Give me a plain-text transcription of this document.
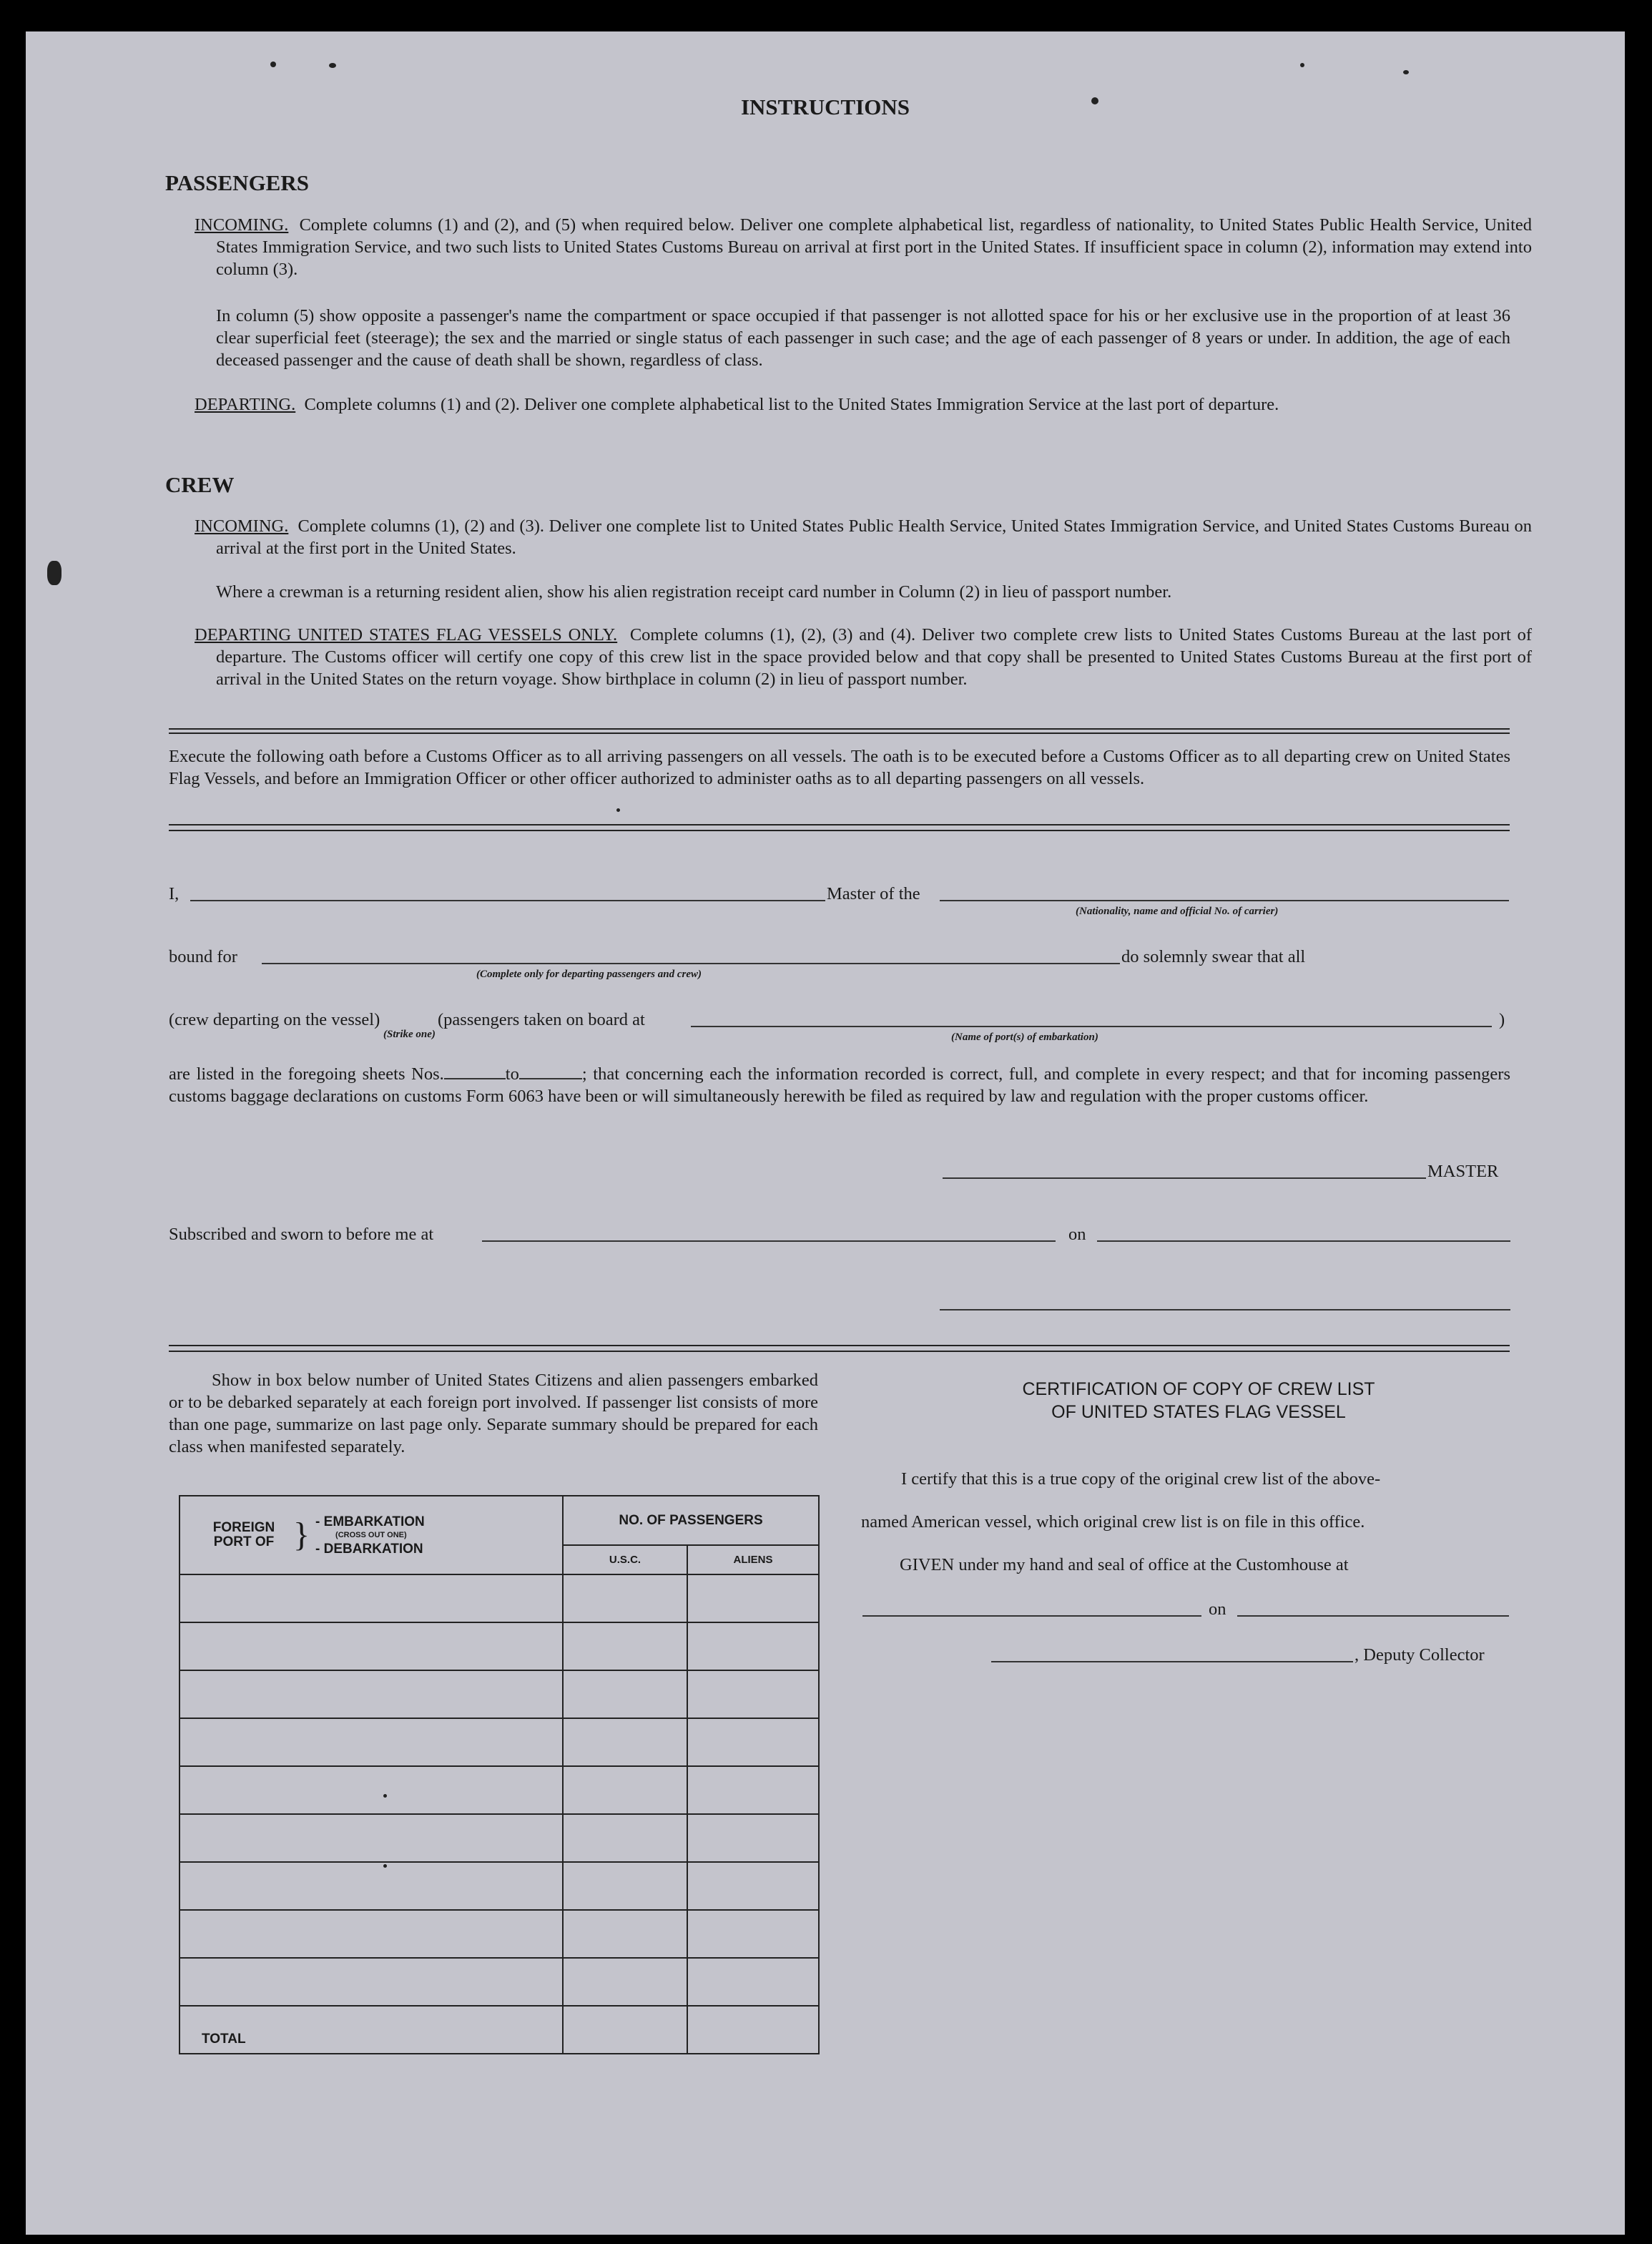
INSTRUCTIONS
PASSENGERS
INCOMING. Complete columns (1) and (2), and (5) when required below. Deliver one complete alphabetical list, regardless of nationality, to United States Public Health Service, United States Immigration Service, and two such lists to United States Customs Bureau on arrival at first port in the United States. If insufficient space in column (2), information may extend into column (3).
In column (5) show opposite a passenger's name the compartment or space occupied if that passenger is not allotted space for his or her exclusive use in the proportion of at least 36 clear superficial feet (steerage); the sex and the married or single status of each passenger in such case; and the age of each passenger of 8 years or under. In addition, the age of each deceased passenger and the cause of death shall be shown, regardless of class.
DEPARTING. Complete columns (1) and (2). Deliver one complete alphabetical list to the United States Immigration Service at the last port of departure.
CREW
INCOMING. Complete columns (1), (2) and (3). Deliver one complete list to United States Public Health Service, United States Immigration Service, and United States Customs Bureau on arrival at the first port in the United States.
Where a crewman is a returning resident alien, show his alien registration receipt card number in Column (2) in lieu of passport number.
DEPARTING UNITED STATES FLAG VESSELS ONLY. Complete columns (1), (2), (3) and (4). Deliver two complete crew lists to United States Customs Bureau at the last port of departure. The Customs officer will certify one copy of this crew list in the space provided below and that copy shall be presented to United States Customs Bureau at the first port of arrival in the United States on the return voyage. Show birthplace in column (2) in lieu of passport number.
Execute the following oath before a Customs Officer as to all arriving passengers on all vessels. The oath is to be executed before a Customs Officer as to all departing crew on United States Flag Vessels, and before an Immigration Officer or other officer authorized to administer oaths as to all departing passengers on all vessels.
I,	Master of the
(Nationality, name and official No. of carrier)
bound for	do solemnly swear that all
(Complete only for departing passengers and crew)
(crew departing on the vessel)	(passengers taken on board at	)
(Strike one)	(Name of port(s) of embarkation)
are listed in the foregoing sheets Nos.	to	; that concerning each the information recorded is correct, full, and complete in every respect; and that for incoming passengers customs baggage declarations on customs Form 6063 have been or will simultaneously herewith be filed as required by law and regulation with the proper customs officer.
MASTER
Subscribed and sworn to before me at	on
Show in box below number of United States Citizens and alien passengers embarked or to be debarked separately at each foreign port involved. If passenger list consists of more than one page, summarize on last page only. Separate summary should be prepared for each class when manifested separately.
FOREIGN PORT OF } - EMBARKATION
(CROSS OUT ONE)
- DEBARKATION	NO. OF PASSENGERS	
	U.S.C.	ALIENS

TOTAL		
CERTIFICATION OF COPY OF CREW LIST
OF UNITED STATES FLAG VESSEL
I certify that this is a true copy of the original crew list of the above-
named American vessel, which original crew list is on file in this office.
GIVEN under my hand and seal of office at the Customhouse at
on
, Deputy Collector
